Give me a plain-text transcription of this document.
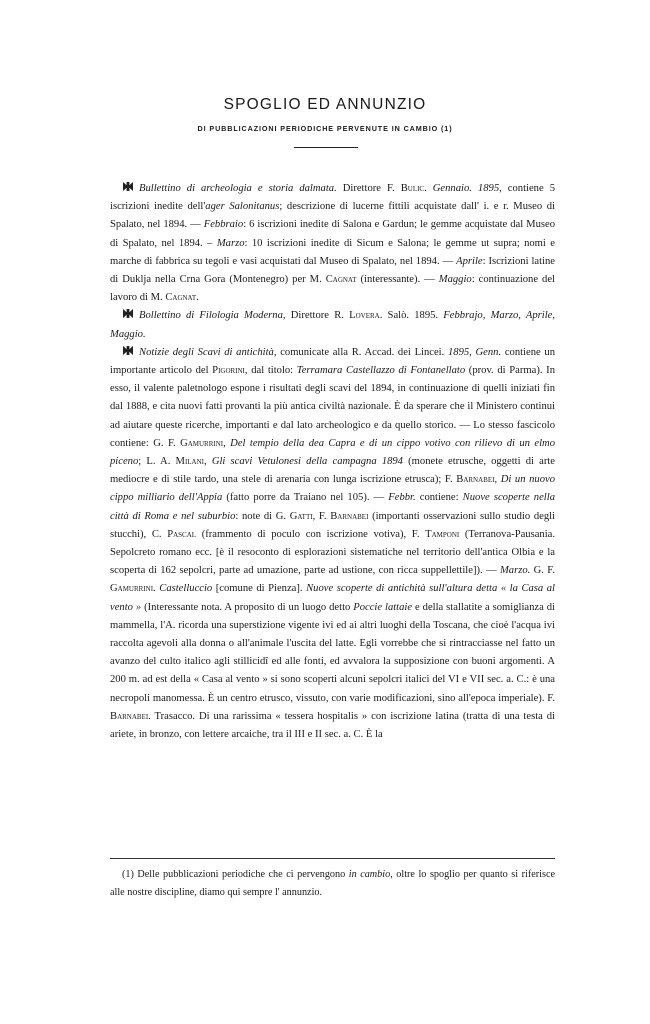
SPOGLIO ED ANNUNZIO
DI PUBBLICAZIONI PERIODICHE PERVENUTE IN CAMBIO (1)

Bullettino di archeologia e storia dalmata. Direttore F. Bulic. Gennaio. 1895, contiene 5 iscrizioni inedite dell'ager Salonitanus; descrizione di lucerne fittili acquistate dall' i. e r. Museo di Spalato, nel 1894. — Febbraio: 6 iscrizioni inedite di Salona e Gardun; le gemme acquistate dal Museo di Spalato, nel 1894. – Marzo: 10 iscrizioni inedite di Sicum e Salona; le gemme ut supra; nomi e marche di fabbrica su tegoli e vasi acquistati dal Museo di Spalato, nel 1894. — Aprile: Iscrizioni latine di Duklja nella Crna Gora (Montenegro) per M. Cagnat (interessante). — Maggio: continuazione del lavoro di M. Cagnat.

Bollettino di Filologia Moderna, Direttore R. Lovera. Salò. 1895. Febbrajo, Marzo, Aprile, Maggio.

Notizie degli Scavi di antichità, comunicate alla R. Accad. dei Lincei. 1895, Genn. contiene un importante articolo del Pigorini, dal titolo: Terramara Castellazzo di Fontanellato (prov. di Parma). In esso, il valente paletnologo espone i risultati degli scavi del 1894, in continuazione di quelli iniziati fin dal 1888, e cita nuovi fatti provanti la più antica civiltà nazionale. È da sperare che il Ministero continui ad aiutare queste ricerche, importanti e dal lato archeologico e da quello storico. — Lo stesso fascicolo contiene: G. F. Gamurrini, Del tempio della dea Capra e di un cippo votivo con rilievo di un elmo piceno; L. A. Milani, Gli scavi Vetulonesi della campagna 1894 (monete etrusche, oggetti di arte mediocre e di stile tardo, una stele di arenaria con lunga iscrizione etrusca); F. Barnabei, Di un nuovo cippo milliario dell'Appia (fatto porre da Traiano nel 105). — Febbr. contiene: Nuove scoperte nella città di Roma e nel suburbio: note di G. Gatti, F. Barnabei (importanti osservazioni sullo studio degli stucchi), C. Pascal (frammento di poculo con iscrizione votiva), F. Tamponi (Terranova-Pausania. Sepolcreto romano ecc. [è il resoconto di esplorazioni sistematiche nel territorio dell'antica Olbia e la scoperta di 162 sepolcri, parte ad umazione, parte ad ustione, con ricca suppellettile]). — Marzo. G. F. Gamurrini. Castelluccio [comune di Pienza]. Nuove scoperte di antichità sull'altura detta « la Casa al vento » (Interessante nota. A proposito di un luogo detto Poccie lattaie e della stallatite a somiglianza di mammella, l'A. ricorda una superstizione vigente ivi ed ai altri luoghi della Toscana, che cioè l'acqua ivi raccolta agevoli alla donna o all'animale l'uscita del latte. Egli vorrebbe che si rintracciasse nel fatto un avanzo del culto italico agli stillicidî ed alle fonti, ed avvalora la supposizione con buoni argomenti. A 200 m. ad est della « Casa al vento » si sono scoperti alcuni sepolcri italici del VI e VII sec. a. C.: è una necropoli manomessa. È un centro etrusco, vissuto, con varie modificazioni, sino all'epoca imperiale). F. Barnabei. Trasacco. Di una rarissima « tessera hospitalis » con iscrizione latina (tratta di una testa di ariete, in bronzo, con lettere arcaiche, tra il III e II sec. a. C. È la

(1) Delle pubblicazioni periodiche che ci pervengono in cambio, oltre lo spoglio per quanto si riferisce alle nostre discipline, diamo qui sempre l' annunzio.
